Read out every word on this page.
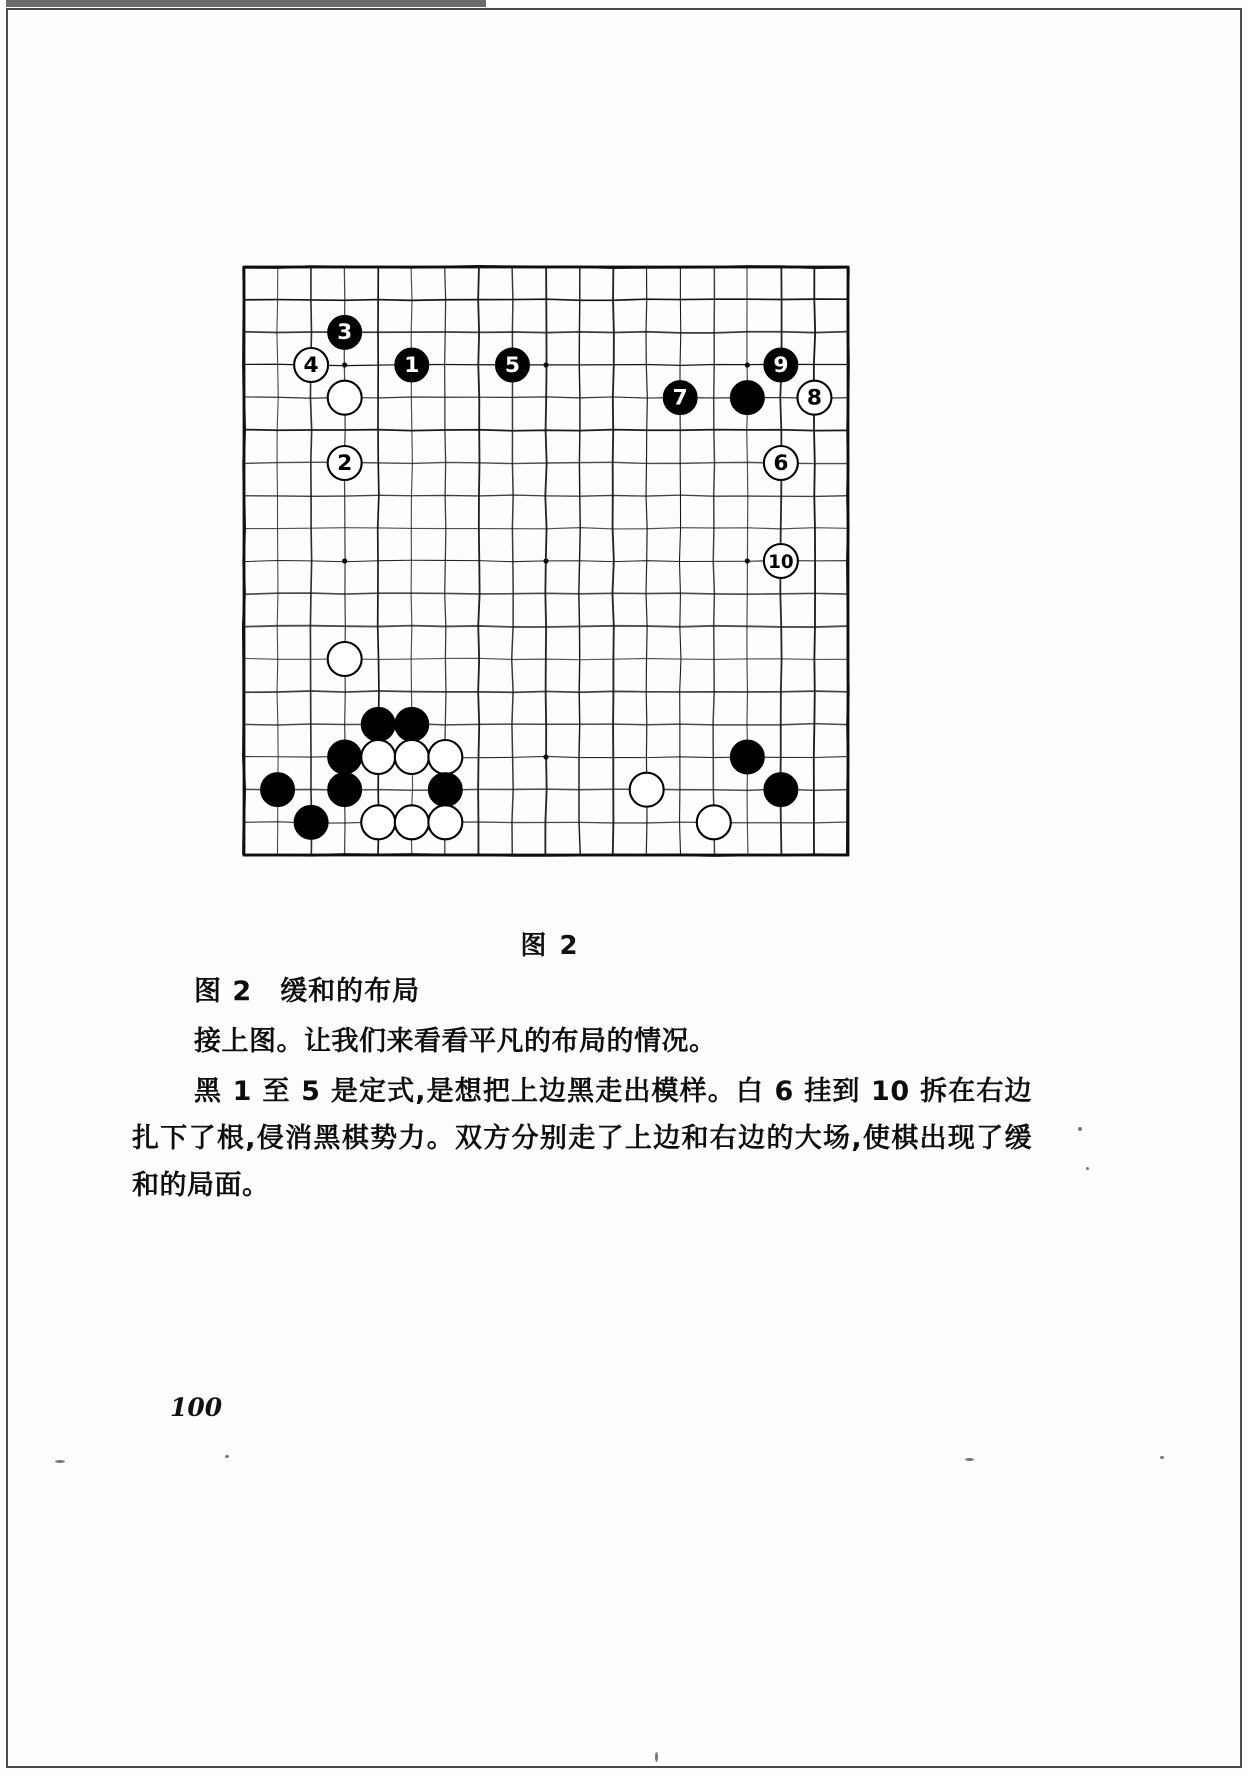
1
2
3
4	5
6
7	8
9
10
图 2

图 2　缓和的布局

接上图。让我们来看看平凡的布局的情况。

黑 1 至 5 是定式,是想把上边黑走出模样。白 6 挂到 10 拆在右边扎下了根,侵消黑棋势力。双方分别走了上边和右边的大场,使棋出现了缓和的局面。

100
